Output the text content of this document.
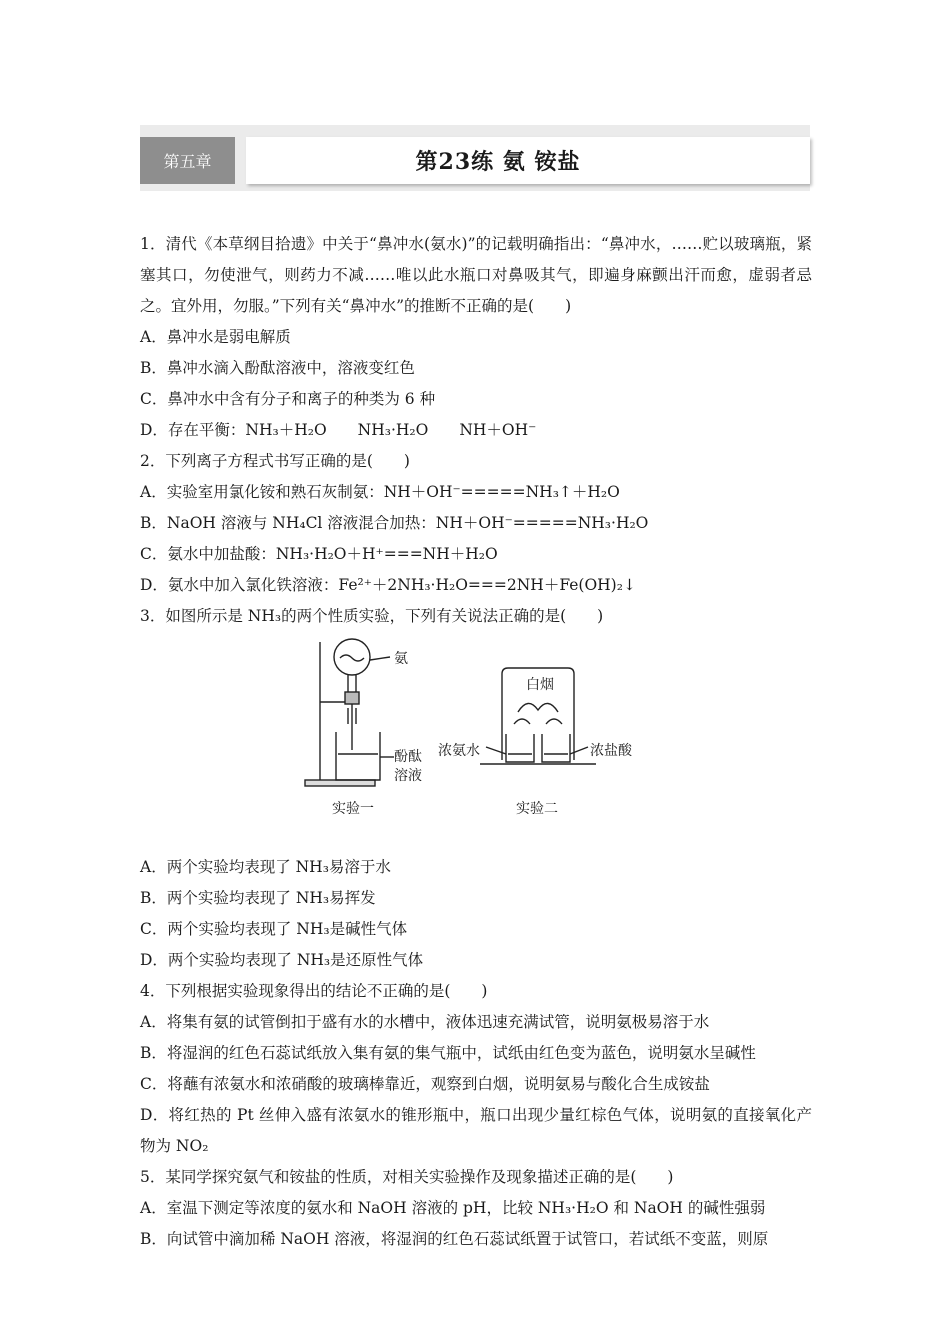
第五章	第23练 氨 铵盐

1．清代《本草纲目拾遗》中关于“鼻冲水(氨水)”的记载明确指出：“鼻冲水，……贮以玻璃瓶，紧塞其口，勿使泄气，则药力不减……唯以此水瓶口对鼻吸其气，即遍身麻颤出汗而愈，虚弱者忌之。宜外用，勿服。”下列有关“鼻冲水”的推断不正确的是(　　)

A．鼻冲水是弱电解质

B．鼻冲水滴入酚酞溶液中，溶液变红色

C．鼻冲水中含有分子和离子的种类为 6 种

D．存在平衡：NH₃＋H₂O　　NH₃·H₂O　　NH＋OH⁻

2．下列离子方程式书写正确的是(　　)

A．实验室用氯化铵和熟石灰制氨：NH＋OH⁻=====NH₃↑＋H₂O

B．NaOH 溶液与 NH₄Cl 溶液混合加热：NH＋OH⁻=====NH₃·H₂O

C．氨水中加盐酸：NH₃·H₂O＋H⁺===NH＋H₂O

D．氨水中加入氯化铁溶液：Fe²⁺＋2NH₃·H₂O===2NH＋Fe(OH)₂↓

3．如图所示是 NH₃的两个性质实验，下列有关说法正确的是(　　)

氨
酚酞
溶液
实验一
白烟
浓氨水	浓盐酸
实验二

A．两个实验均表现了 NH₃易溶于水

B．两个实验均表现了 NH₃易挥发

C．两个实验均表现了 NH₃是碱性气体

D．两个实验均表现了 NH₃是还原性气体

4．下列根据实验现象得出的结论不正确的是(　　)

A．将集有氨的试管倒扣于盛有水的水槽中，液体迅速充满试管，说明氨极易溶于水

B．将湿润的红色石蕊试纸放入集有氨的集气瓶中，试纸由红色变为蓝色，说明氨水呈碱性

C．将蘸有浓氨水和浓硝酸的玻璃棒靠近，观察到白烟，说明氨易与酸化合生成铵盐

D．将红热的 Pt 丝伸入盛有浓氨水的锥形瓶中，瓶口出现少量红棕色气体，说明氨的直接氧化产物为 NO₂

5．某同学探究氨气和铵盐的性质，对相关实验操作及现象描述正确的是(　　)

A．室温下测定等浓度的氨水和 NaOH 溶液的 pH，比较 NH₃·H₂O 和 NaOH 的碱性强弱

B．向试管中滴加稀 NaOH 溶液，将湿润的红色石蕊试纸置于试管口，若试纸不变蓝，则原
